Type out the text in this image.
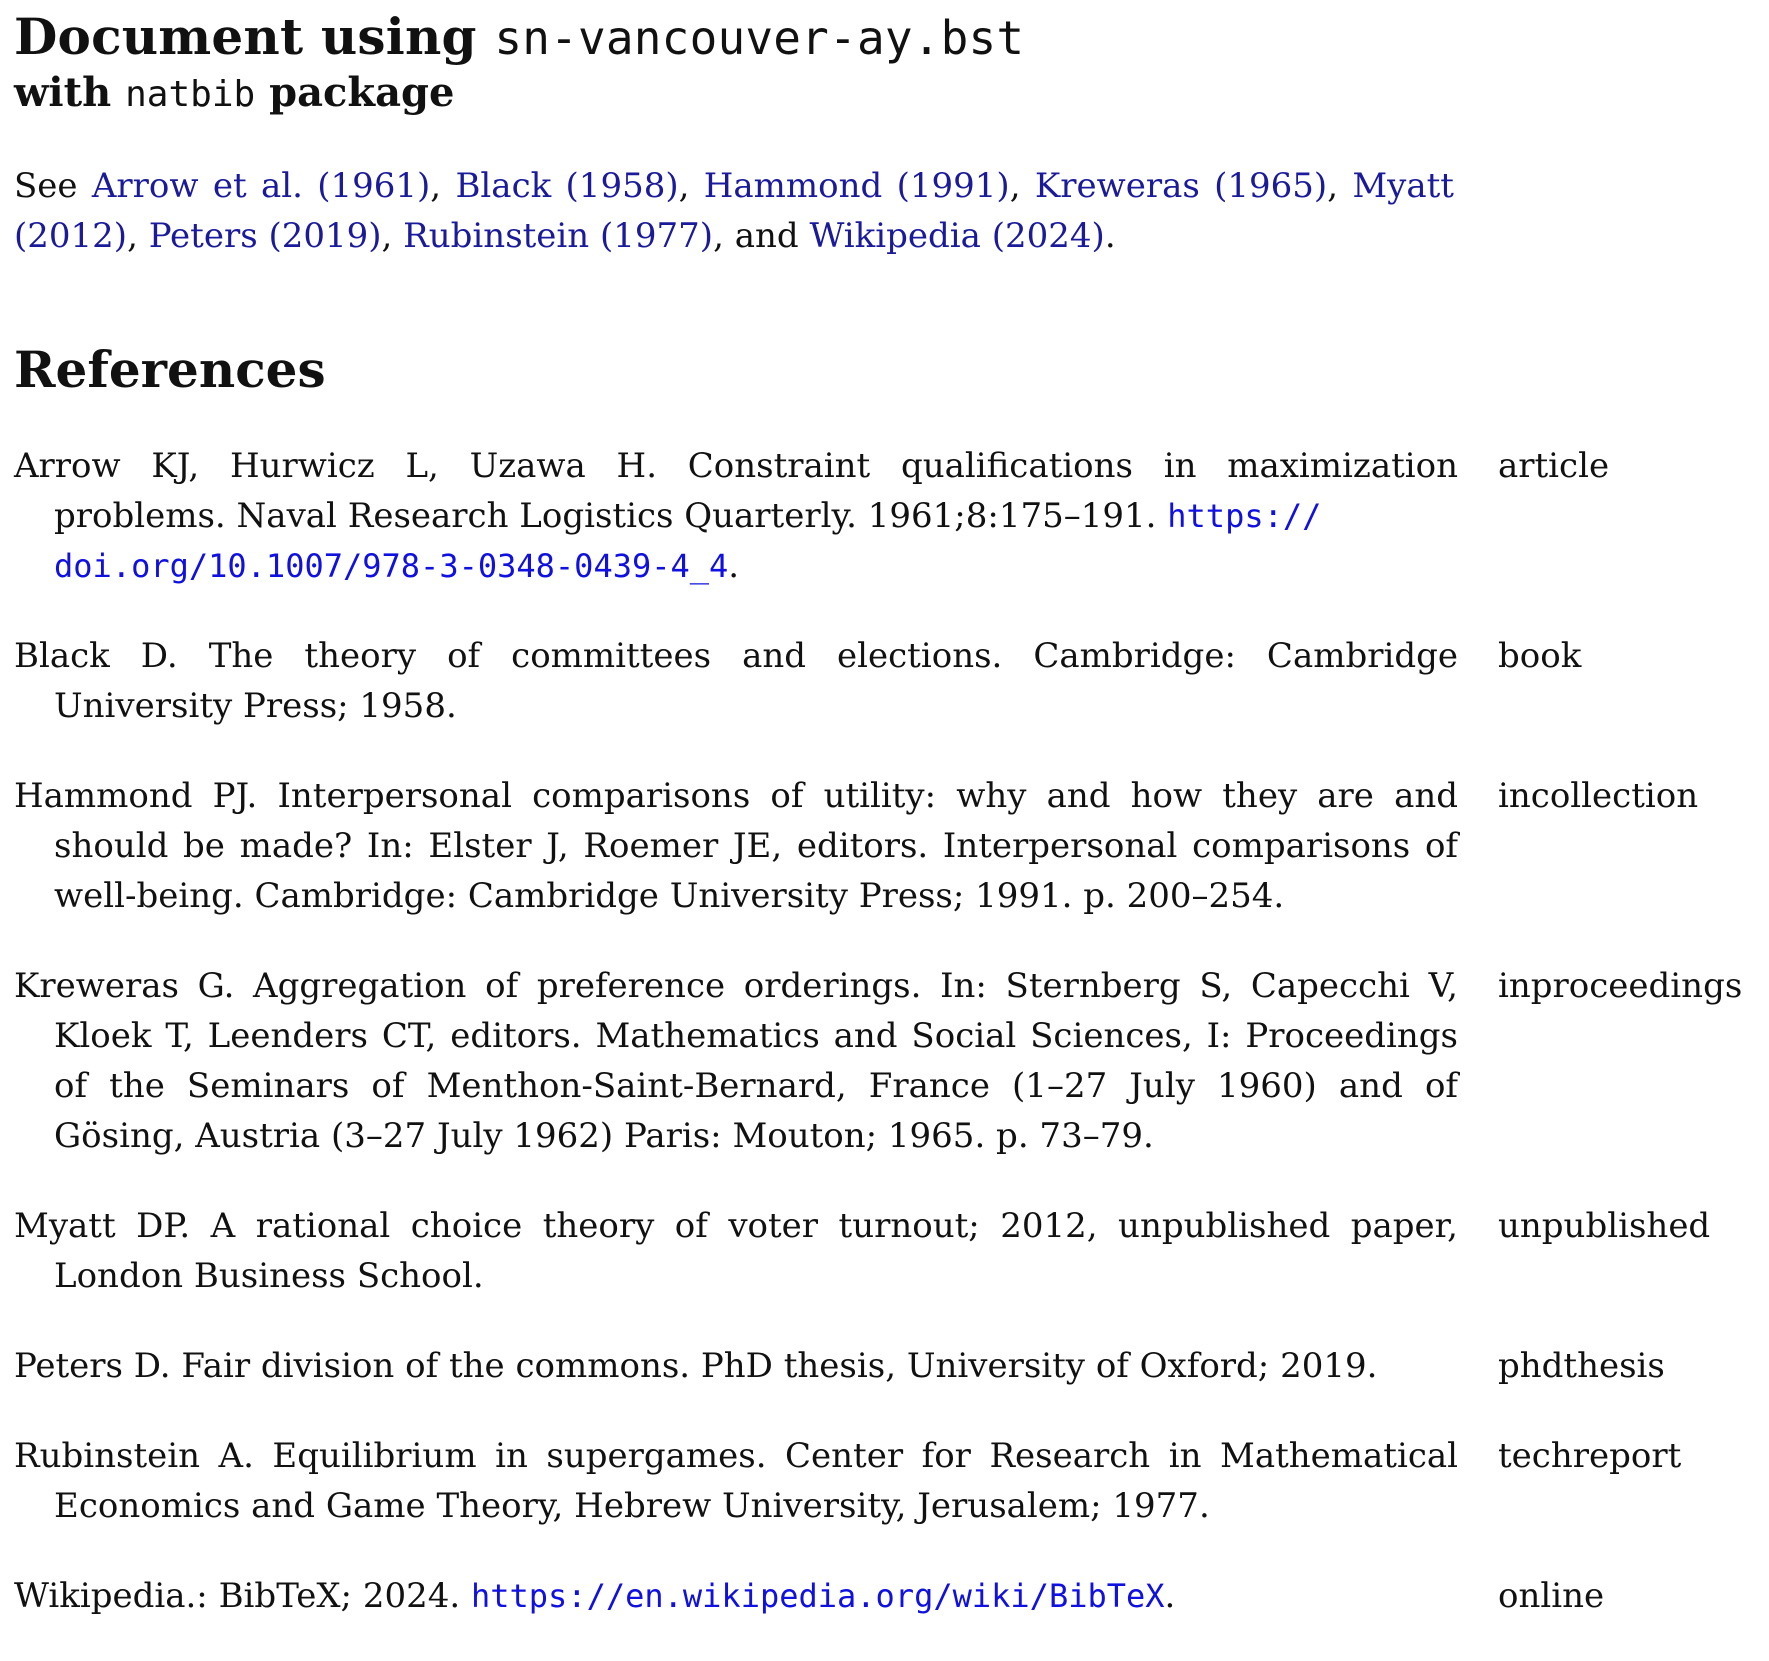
Document using sn-vancouver-ay.bst
with natbib package

See Arrow et al. (1961), Black (1958), Hammond (1991), Kreweras (1965), Myatt (2012), Peters (2019), Rubinstein (1977), and Wikipedia (2024).

References
Arrow KJ, Hurwicz L, Uzawa H. Constraint qualifications in maximization problems. Naval Research Logistics Quarterly. 1961;8:175–191. https://
doi.org/10.1007/978-3-0348-0439-4_4.
article
Black D. The theory of committees and elections. Cambridge: Cambridge University Press; 1958.
book
Hammond PJ. Interpersonal comparisons of utility: why and how they are and should be made? In: Elster J, Roemer JE, editors. Interpersonal comparisons of well-being. Cambridge: Cambridge University Press; 1991. p. 200–254.
incollection
Kreweras G. Aggregation of preference orderings. In: Sternberg S, Capecchi V, Kloek T, Leenders CT, editors. Mathematics and Social Sciences, I: Proceedings of the Seminars of Menthon-Saint-Bernard, France (1–27 July 1960) and of Gösing, Austria (3–27 July 1962) Paris: Mouton; 1965. p. 73–79.
inproceedings
Myatt DP. A rational choice theory of voter turnout; 2012, unpublished paper, London Business School.
unpublished
Peters D. Fair division of the commons. PhD thesis, University of Oxford; 2019.	phdthesis
Rubinstein A. Equilibrium in supergames. Center for Research in Mathematical Economics and Game Theory, Hebrew University, Jerusalem; 1977.
techreport
Wikipedia.: BibTeX; 2024. https://en.wikipedia.org/wiki/BibTeX.	online
